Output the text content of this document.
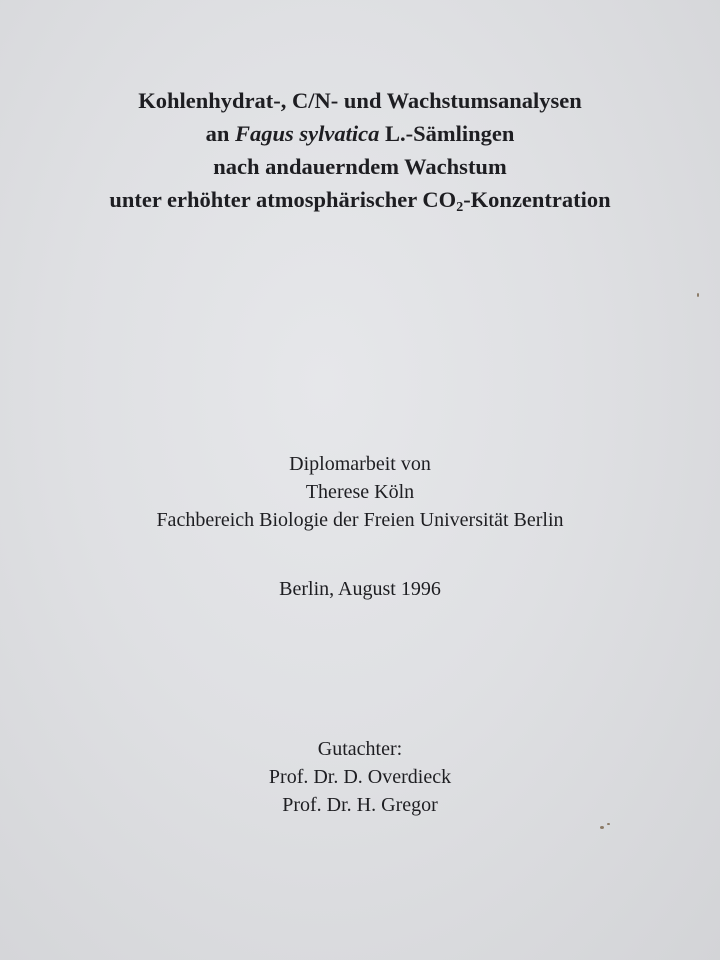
Kohlenhydrat-, C/N- und Wachstumsanalysen
an Fagus sylvatica L.-Sämlingen
nach andauerndem Wachstum
unter erhöhter atmosphärischer $CO_2$-Konzentration
Diplomarbeit von
Therese Köln
Fachbereich Biologie der Freien Universität Berlin
Berlin, August 1996
Gutachter:
Prof. Dr. D. Overdieck
Prof. Dr. H. Gregor
